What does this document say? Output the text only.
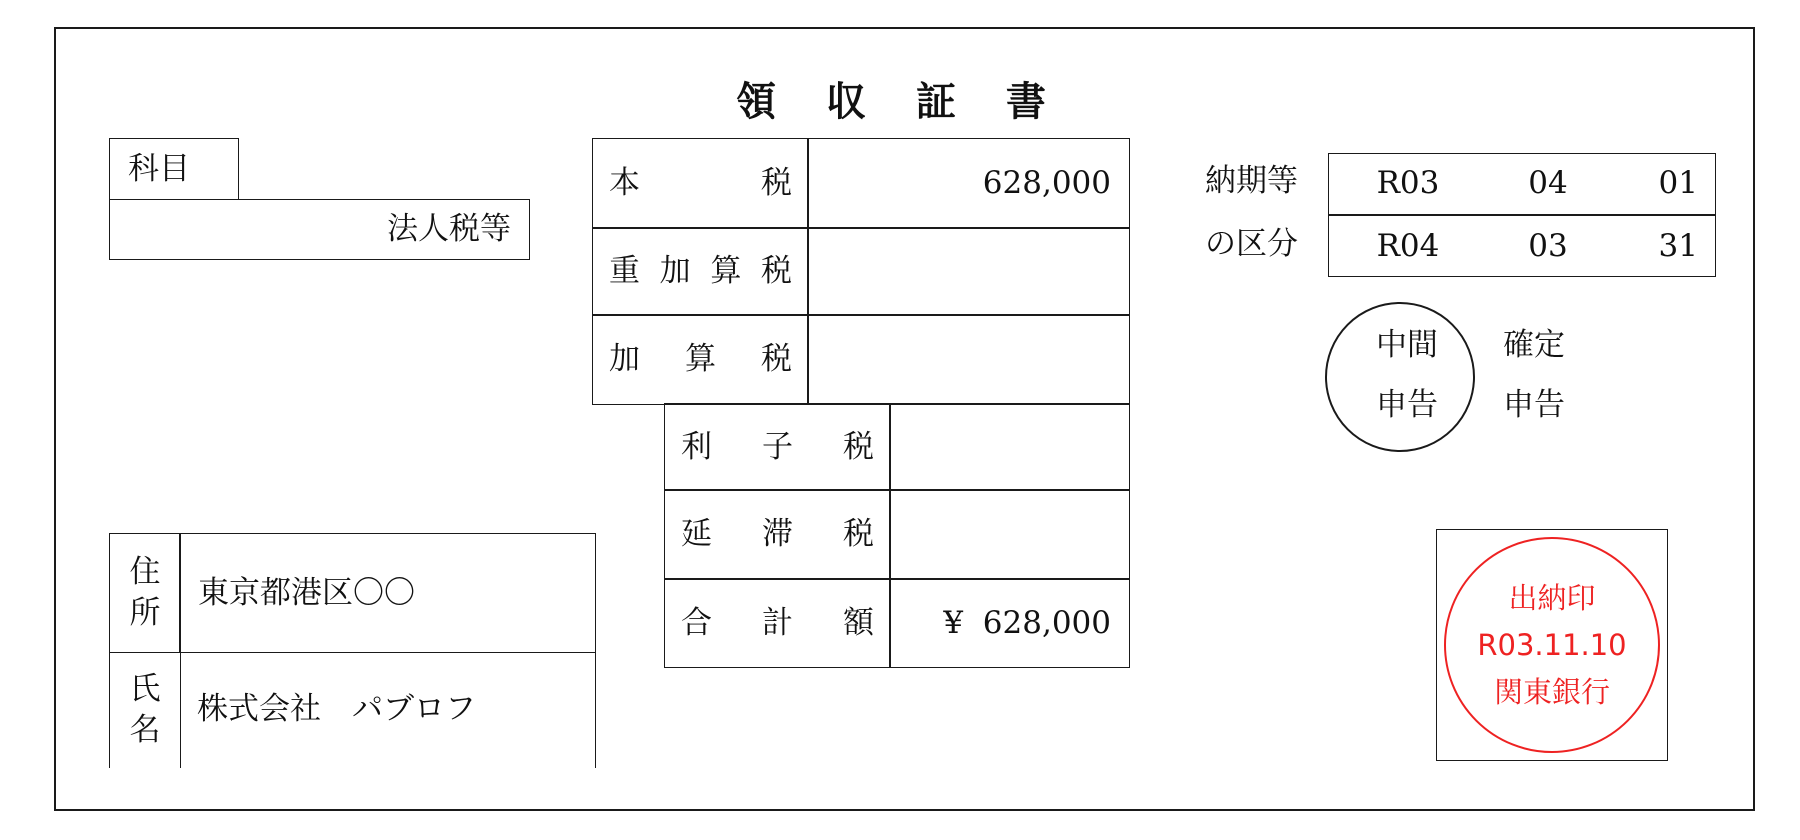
領 収 証 書
科目
法人税等
本	税	628,000
重 加 算 税
加 算 税
利 子 税
延 滞 税
合 計 額 ¥  628,000
納期等
の区分
R03	04	01
R04	03	31
中間
申告
確定
申告
住
所
東京都港区〇〇
氏
名
株式会社　パブロフ
出納印
R03.11.10
関東銀行
